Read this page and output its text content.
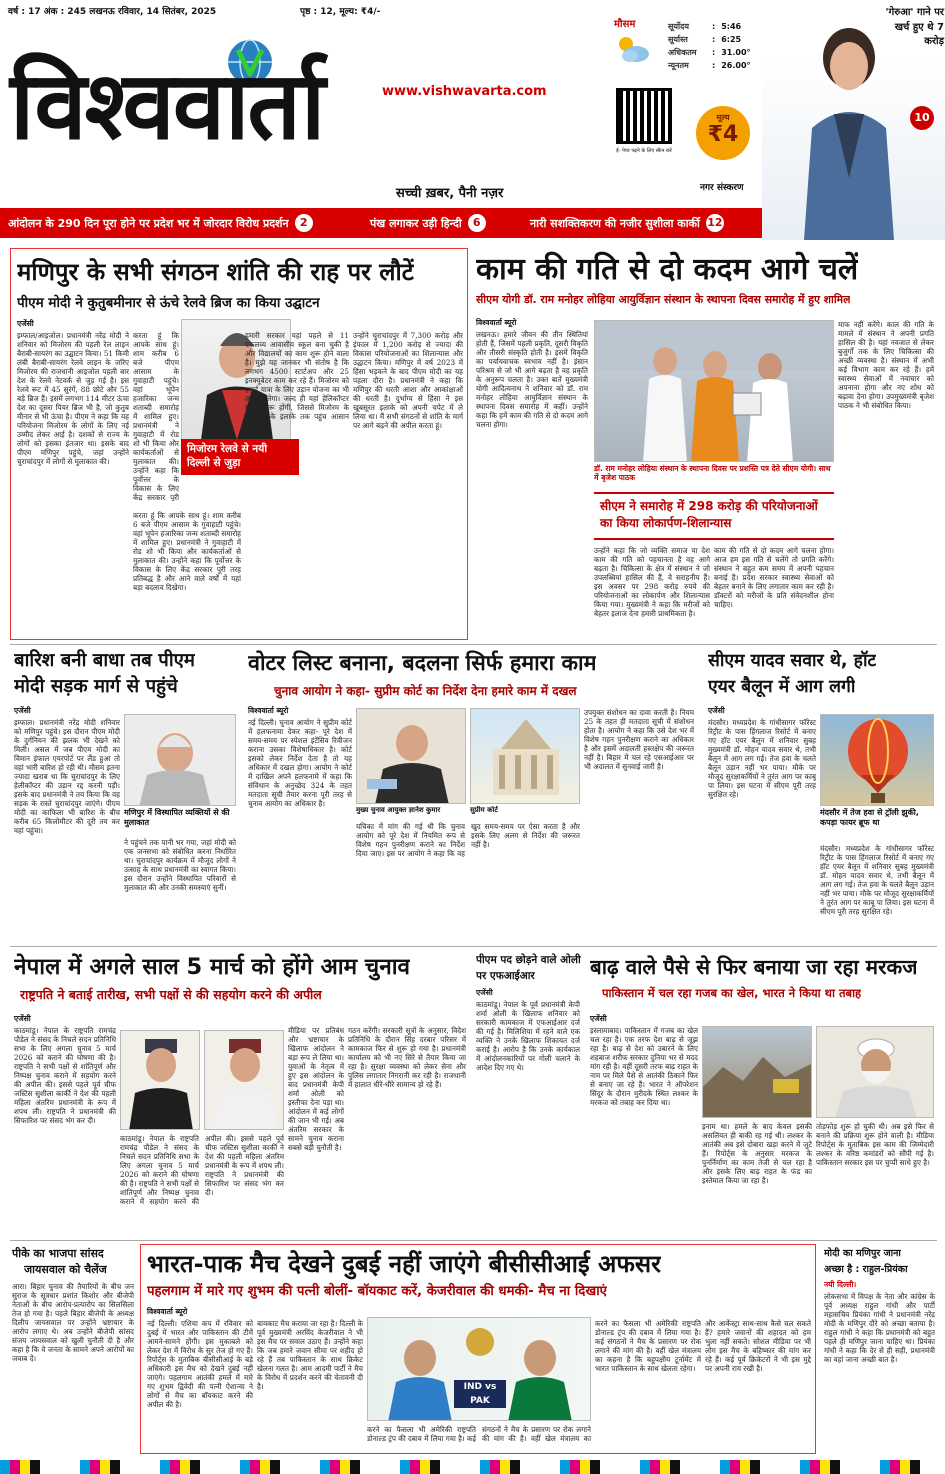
वर्ष : 17 अंक : 245 लखनऊ रविवार, 14 सितंबर, 2025	पृष्ठ : 12, मूल्य: ₹4/-
विश्ववार्ता	www.vishwavarta.com
सच्ची ख़बर, पैनी नज़र
मौसम	सूर्योदय	: 5:46
सूर्यास्त	: 6:25
अधिकतम	: 31.00°
न्यूनतम	: 26.00°
ई- पेपर पढ़ने के लिए स्कैन करें
मूल्य
₹4
नगर संस्करण
'गेरुआ' गाने पर खर्च हुए थे 7 करोड़
10
आंदोलन के 290 दिन पूरा होने पर प्रदेश भर में जोरदार विरोध प्रदर्शन	2	पंख लगाकर उड़ी हिन्दी	6	नारी सशक्तिकरण की नजीर सुशीला कार्की 12
मणिपुर के सभी संगठन शांति की राह पर लौटें
पीएम मोदी ने कुतुबमीनार से ऊंचे रेलवे ब्रिज का किया उद्घाटन
एजेंसी
इम्फाल/आइजोल। प्रधानमंत्री नरेंद्र मोदी ने शनिवार को मिजोरम की पहली रेल लाइन बैराबी-सायरंग का उद्घाटन किया। 51 किमी लंबी बैराबी-सायरंग रेलवे लाइन के जरिए मिजोरम की राजधानी आइजोल पहली बार देश के रेलवे नेटवर्क से जुड़ गई है। इस रेलवे रूट में 45 सुरंगें, 88 छोटे और 55 बड़े ब्रिज हैं। इसमें लगभग 114 मीटर ऊंचा देश का दूसरा पियर ब्रिज भी है, जो कुतुब मीनार से भी ऊंचा है। पीएम ने कहा कि यह परियोजना मिजोरम के लोगों के लिए नई उम्मीद लेकर आई है। दशकों से राज्य के लोगों को इसका इंतजार था। इसके बाद पीएम मणिपुर पहुंचे, जहां उन्होंने चुराचांदपुर में लोगों से मुलाकात की।
करता हूं कि आपके साथ हूं। शाम करीब 6 बजे पीएम आसाम के गुवाहाटी पहुंचे। वहां भूपेन हजारिका जन्म शताब्दी समारोह में शामिल हुए। प्रधानमंत्री ने गुवाहाटी में रोड शो भी किया और कार्यकर्ताओं से मुलाकात की। उन्होंने कहा कि पूर्वोत्तर के विकास के लिए केंद्र सरकार पूरी तरह प्रतिबद्ध है और आने वाले वर्षों में यहां बड़ा बदलाव दिखेगा।
मिजोरम रेलवे से नयी दिल्ली से जुड़ा
हमारी सरकार यहां पहले से 11 एकलव्य आवासीय स्कूल बना चुकी है और विद्यालयों का काम शुरू होने वाला है। मुझे यह जानकर भी संतोष है कि लगभग 4500 स्टार्टअप और 25 इनक्यूबेटर काम कर रहे हैं। मिजोरम को हवाई यात्रा के लिए उड़ान योजना का भी लाभ मिलेगा। जल्द ही यहां हेलिकॉप्टर सेवाएं शुरू होंगी, जिससे मिजोरम के दूरदराज के इलाके तक पहुंच आसान होगी।
उन्होंने चुराचांदपुर में 7,300 करोड़ और इंफाल में 1,200 करोड़ से ज्यादा की विकास परियोजनाओं का शिलान्यास और उद्घाटन किया। मणिपुर में वर्ष 2023 में हिंसा भड़कने के बाद पीएम मोदी का यह पहला दौरा है। प्रधानमंत्री ने कहा कि मणिपुर की धरती आशा और आकांक्षाओं की धरती है। दुर्भाग्य से हिंसा ने इस खूबसूरत इलाके को अपनी चपेट में ले लिया था। मैं सभी संगठनों से शांति के मार्ग पर आगे बढ़ने की अपील करता हूं।
करता हूं कि आपके साथ हूं। शाम करीब 6 बजे पीएम आसाम के गुवाहाटी पहुंचे। वहां भूपेन हजारिका जन्म शताब्दी समारोह में शामिल हुए। प्रधानमंत्री ने गुवाहाटी में रोड शो भी किया और कार्यकर्ताओं से मुलाकात की। उन्होंने कहा कि पूर्वोत्तर के विकास के लिए केंद्र सरकार पूरी
काम की गति से दो कदम आगे चलें
सीएम योगी डॉ. राम मनोहर लोहिया आयुर्विज्ञान संस्थान के स्थापना दिवस समारोह में हुए शामिल
विश्ववार्ता ब्यूरो
लखनऊ। हमारे जीवन की तीन स्थितियां होती हैं, जिसमें पहली प्रकृति, दूसरी विकृति और तीसरी संस्कृति होती है। इसमें विकृति का पर्यायवाचक स्वभाव नहीं है। इंसान परिश्रम से जो भी आगे बढ़ता है वह प्रकृति के अनुरूप चलता है। उक्त बातें मुख्यमंत्री योगी आदित्यनाथ ने शनिवार को डॉ. राम मनोहर लोहिया आयुर्विज्ञान संस्थान के स्थापना दिवस समारोह में कहीं। उन्होंने कहा कि हमें काम की गति से दो कदम आगे चलना होगा।
डॉ. राम मनोहर लोहिया संस्थान के स्थापना दिवस पर प्रशस्ति पत्र देते सीएम योगी। साथ में बृजेश पाठक
सीएम ने समारोह में 298 करोड़ की परियोजनाओं का किया लोकार्पण-शिलान्यास
उन्होंने कहा कि जो व्यक्ति समाज या देश काम की गति को पहचानता है वह आगे बढ़ता है। चिकित्सा के क्षेत्र में संस्थान ने जो उपलब्धियां हासिल की हैं, वे सराहनीय हैं। इस अवसर पर 298 करोड़ रुपये की परियोजनाओं का लोकार्पण और शिलान्यास किया गया। मुख्यमंत्री ने कहा कि मरीजों को बेहतर इलाज देना हमारी प्राथमिकता है।
काम की गति से दो कदम आगे चलना होगा। आज हम इस गति से चलेंगे तो प्रगति करेंगे। संस्थान ने बहुत कम समय में अपनी पहचान बनाई है। प्रदेश सरकार स्वास्थ्य सेवाओं को बेहतर बनाने के लिए लगातार काम कर रही है। डॉक्टरों को मरीजों के प्रति संवेदनशील होना चाहिए।
माफ नहीं करेंगे। काल की गति के मामले में संस्थान ने अपनी प्रगति हासिल की है। यहां नवजात से लेकर बुजुर्गों तक के लिए चिकित्सा की अच्छी व्यवस्था है। संस्थान में अभी कई विभाग काम कर रहे हैं। हमें स्वास्थ्य सेवाओं में नवाचार को अपनाना होगा और नए शोध को बढ़ावा देना होगा। उपमुख्यमंत्री बृजेश पाठक ने भी संबोधित किया।
बारिश बनी बाधा तब पीएम
मोदी सड़क मार्ग से पहुंचे
एजेंसी
इम्फाल। प्रधानमंत्री नरेंद्र मोदी शनिवार को मणिपुर पहुंचे। इस दौरान पीएम मोदी के दुर्गनियन की झलक भी देखने को मिली। असल में जब पीएम मोदी का विमान इंफाल एयरपोर्ट पर लैंड हुआ तो वहां भारी बारिश हो रही थी। मौसम इतना ज्यादा खराब था कि चुराचांदपुर के लिए हेलीकॉप्टर की उड़ान रद्द करनी पड़ी। इसके बाद प्रधानमंत्री ने तय किया कि वह सड़क के रास्ते चुराचांदपुर जाएंगे। पीएम मोदी का काफिला भी बारिश के बीच करीब 65 किलोमीटर की दूरी तय कर वहां पहुंचा।
मणिपुर में विस्थापित व्यक्तियों से की मुलाकात
ने पहुंचने तक पानी भर गया, जहां मोदी को एक जनसभा को संबोधित करना निर्धारित था। चुराचांदपुर कार्यक्रम में मौजूद लोगों ने उत्साह के साथ प्रधानमंत्री का स्वागत किया। इस दौरान उन्होंने विस्थापित परिवारों से मुलाकात की और उनकी समस्याएं सुनीं।
वोटर लिस्ट बनाना, बदलना सिर्फ हमारा काम
चुनाव आयोग ने कहा- सुप्रीम कोर्ट का निर्देश देना हमारे काम में दखल
विश्ववार्ता ब्यूरो
नई दिल्ली। चुनाव आयोग ने सुप्रीम कोर्ट में हलफनामा देकर कहा- पूरे देश में समय-समय पर स्पेशल इंटेंसिव रिवीजन कराना उसका विशेषाधिकार है। कोर्ट इसको लेकर निर्देश देता है तो यह अधिकार में दखल होगा। आयोग ने कोर्ट में दाखिल अपने हलफनामे में कहा कि संविधान के अनुच्छेद 324 के तहत मतदाता सूची तैयार करना पूरी तरह से चुनाव आयोग का अधिकार है।
मुख्य चुनाव आयुक्त ज्ञानेश कुमार	सुप्रीम कोर्ट
यचिका में मांग की गई थी कि चुनाव आयोग को पूरे देश में नियमित रूप से विशेष गहन पुनरीक्षण कराने का निर्देश दिया जाए। इस पर आयोग ने कहा कि वह खुद समय-समय पर ऐसा करता है और इसके लिए अलग से निर्देश की जरूरत नहीं है।
उपयुक्त संशोधन का दावा करती है। नियम 25 के तहत ही मतदाता सूची में संशोधन होता है। आयोग ने कहा कि उसे देश भर में विशेष गहन पुनरीक्षण कराने का अधिकार है और इसमें अदालती हस्तक्षेप की जरूरत नहीं है। बिहार में चल रहे एसआईआर पर भी अदालत में सुनवाई जारी है।
सीएम यादव सवार थे, हॉट
एयर बैलून में आग लगी
एजेंसी
मंदसौर। मध्यप्रदेश के गांधीसागर फॉरेस्ट रिट्रीट के पास हिंगलाज रिसोर्ट में बनाए गए हॉट एयर बैलून में शनिवार सुबह मुख्यमंत्री डॉ. मोहन यादव सवार थे, तभी बैलून में आग लग गई। तेज हवा के चलते बैलून उड़ान नहीं भर पाया। मौके पर मौजूद सुरक्षाकर्मियों ने तुरंत आग पर काबू पा लिया। इस घटना में सीएम पूरी तरह सुरक्षित रहे।
मंदसौर में तेज हवा से ट्रॉली झुकी, कपड़ा फायर ब्रूफ था
मंदसौर। मध्यप्रदेश के गांधीसागर फॉरेस्ट रिट्रीट के पास हिंगलाज रिसोर्ट में बनाए गए हॉट एयर बैलून में शनिवार सुबह मुख्यमंत्री डॉ. मोहन यादव सवार थे, तभी बैलून में आग लग गई। तेज हवा के चलते बैलून उड़ान नहीं भर पाया। मौके पर मौजूद सुरक्षाकर्मियों ने तुरंत आग पर काबू पा लिया। इस घटना में सीएम पूरी तरह सुरक्षित रहे।
नेपाल में अगले साल 5 मार्च को होंगे आम चुनाव
राष्ट्रपति ने बताई तारीख, सभी पक्षों से की सहयोग करने की अपील
एजेंसी
काठमांडू। नेपाल के राष्ट्रपति रामचंद्र पौडेल ने संसद के निचले सदन प्रतिनिधि सभा के लिए अगला चुनाव 5 मार्च 2026 को कराने की घोषणा की है। राष्ट्रपति ने सभी पक्षों से शांतिपूर्ण और निष्पक्ष चुनाव कराने में सहयोग करने की अपील की। इससे पहले पूर्व चीफ जस्टिस सुशीला कार्की ने देश की पहली महिला अंतरिम प्रधानमंत्री के रूप में शपथ ली। राष्ट्रपति ने प्रधानमंत्री की सिफारिश पर संसद भंग कर दी।
काठमांडू। नेपाल के राष्ट्रपति रामचंद्र पौडेल ने संसद के निचले सदन प्रतिनिधि सभा के लिए अगला चुनाव 5 मार्च 2026 को कराने की घोषणा की है। राष्ट्रपति ने सभी पक्षों से शांतिपूर्ण और निष्पक्ष चुनाव कराने में सहयोग करने की अपील की। इससे पहले पूर्व चीफ जस्टिस सुशीला कार्की ने देश की पहली महिला अंतरिम प्रधानमंत्री के रूप में शपथ ली। राष्ट्रपति ने प्रधानमंत्री की सिफारिश पर संसद भंग कर दी।
मीडिया पर प्रतिबंध और भ्रष्टाचार के खिलाफ आंदोलन ने बड़ा रूप ले लिया था। युवाओं के नेतृत्व में हुए इस आंदोलन के बाद प्रधानमंत्री केपी शर्मा ओली को इस्तीफा देना पड़ा था। आंदोलन में कई लोगों की जान भी गई। अब अंतरिम सरकार के सामने चुनाव कराना सबसे बड़ी चुनौती है।
गठन करेंगी। सरकारी सूत्रों के अनुसार, विदेश प्रतिनिधि के दौरान सिंह दरबार परिसर में कामकाज फिर से शुरू हो गया है। प्रधानमंत्री कार्यालय को भी नए सिरे से तैयार किया जा रहा है। सुरक्षा व्यवस्था को लेकर सेना और पुलिस लगातार निगरानी कर रही है। राजधानी में हालात धीरे-धीरे सामान्य हो रहे हैं।
पीएम पद छोड़ने वाले ओली
पर एफआईआर
एजेंसी
काठमांडू। नेपाल के पूर्व प्रधानमंत्री केपी शर्मा ओली के खिलाफ शनिवार को सरकारी कामकाज में एफआईआर दर्ज की गई है। मिलिशिया में रहने वाले एक व्यक्ति ने उनके खिलाफ शिकायत दर्ज कराई है। आरोप है कि उनके कार्यकाल में आंदोलनकारियों पर गोली चलाने के आदेश दिए गए थे।
बाढ़ वाले पैसे से फिर बनाया जा रहा मरकज
पाकिस्तान में चल रहा गजब का खेल, भारत ने किया था तबाह
एजेंसी
इस्लामाबाद। पाकिस्तान में गजब का खेल चल रहा है। एक तरफ देश बाढ़ से जूझ रहा है। बाढ़ से देश को उबारने के लिए शहबाज शरीफ सरकार दुनिया भर से मदद मांग रही है। वहीं दूसरी तरफ बाढ़ राहत के नाम पर मिले पैसे से आतंकी ठिकाने फिर से बनाए जा रहे हैं। भारत ने ऑपरेशन सिंदूर के दौरान मुरीदके स्थित लश्कर के मरकज को तबाह कर दिया था।
इनाम था। हमले के बाद केवल इसकी असलियत ही बाकी रह गई थी। लश्कर के आतंकी अब इसे दोबारा खड़ा करने में जुटे हैं। रिपोर्ट्स के अनुसार मरकज के पुनर्निर्माण का काम तेजी से चल रहा है और इसके लिए बाढ़ राहत के फंड का इस्तेमाल किया जा रहा है।
तोड़फोड़ शुरू हो चुकी थी। अब इसे फिर से बनाने की प्रक्रिया शुरू होने वाली है। मीडिया रिपोर्ट्स के मुताबिक इस काम की जिम्मेदारी लश्कर के वरिष्ठ कमांडरों को सौंपी गई है। पाकिस्तान सरकार इस पर चुप्पी साधे हुए है।
पीके का भाजपा सांसद
जायसवाल को चैलेंज
आरा। बिहार चुनाव की तैयारियों के बीच जन सुराज के सूत्रधार प्रशांत किशोर और बीजेपी नेताओं के बीच आरोप-प्रत्यारोप का सिलसिला तेज हो गया है। पहले बिहार बीजेपी के अध्यक्ष दिलीप जायसवाल पर उन्होंने भ्रष्टाचार के आरोप लगाए थे। अब उन्होंने बीजेपी सांसद संजय जायसवाल को खुली चुनौती दी है और कहा है कि वे जनता के सामने अपने आरोपों का जवाब दें।
भारत-पाक मैच देखने दुबई नहीं जाएंगे बीसीसीआई अफसर
पहलगाम में मारे गए शुभम की पत्नी बोलीं- बॉयकाट करें, केजरीवाल की धमकी- मैच ना दिखाएं
विश्ववार्ता ब्यूरो
नई दिल्ली। एशिया कप में रविवार को दुबई में भारत और पाकिस्तान की टीमें आमने-सामने होंगी। इस मुकाबले को लेकर देश में विरोध के सुर तेज हो गए हैं। रिपोर्ट्स के मुताबिक बीसीसीआई के बड़े अधिकारी इस मैच को देखने दुबई नहीं जाएंगे। पहलगाम आतंकी हमले में मारे गए शुभम द्विवेदी की पत्नी ऐशान्या ने लोगों से मैच का बॉयकाट करने की अपील की है।
बायकाट मैच कराया जा रहा है। दिल्ली के पूर्व मुख्यमंत्री अरविंद केजरीवाल ने भी इस मैच पर सवाल उठाए हैं। उन्होंने कहा कि जब हमारे जवान सीमा पर शहीद हो रहे हैं तब पाकिस्तान के साथ क्रिकेट खेलना गलत है। आम आदमी पार्टी ने मैच के विरोध में प्रदर्शन करने की चेतावनी दी है।	IND vs PAK
करने का फैसला भी अमेरिकी राष्ट्रपति डोनाल्ड ट्रंप की दबाव में लिया गया है। कई संगठनों ने मैच के प्रसारण पर रोक लगाने की मांग की है। वहीं खेल मंत्रालय का
करने का फैसला भी अमेरिकी राष्ट्रपति डोनाल्ड ट्रंप की दबाव में लिया गया है। कई संगठनों ने मैच के प्रसारण पर रोक लगाने की मांग की है। वहीं खेल मंत्रालय का कहना है कि बहुपक्षीय टूर्नामेंट में भारत पाकिस्तान के साथ खेलता रहेगा।
और आर्केस्ट्रा साथ-साथ कैसे चल सकते हैं? हमारे जवानों की शहादत को हम भुला नहीं सकते। सोशल मीडिया पर भी लोग इस मैच के बहिष्कार की मांग कर रहे हैं। कई पूर्व क्रिकेटरों ने भी इस मुद्दे पर अपनी राय रखी है।
मोदी का मणिपुर जाना
अच्छा है : राहुल-प्रियंका
नयी दिल्ली।
लोकसभा में विपक्ष के नेता और कांग्रेस के पूर्व अध्यक्ष राहुल गांधी और पार्टी महासचिव प्रियंका गांधी ने प्रधानमंत्री नरेंद्र मोदी के मणिपुर दौरे को अच्छा बताया है। राहुल गांधी ने कहा कि प्रधानमंत्री को बहुत पहले ही मणिपुर जाना चाहिए था। प्रियंका गांधी ने कहा कि देर से ही सही, प्रधानमंत्री का वहां जाना अच्छी बात है।
